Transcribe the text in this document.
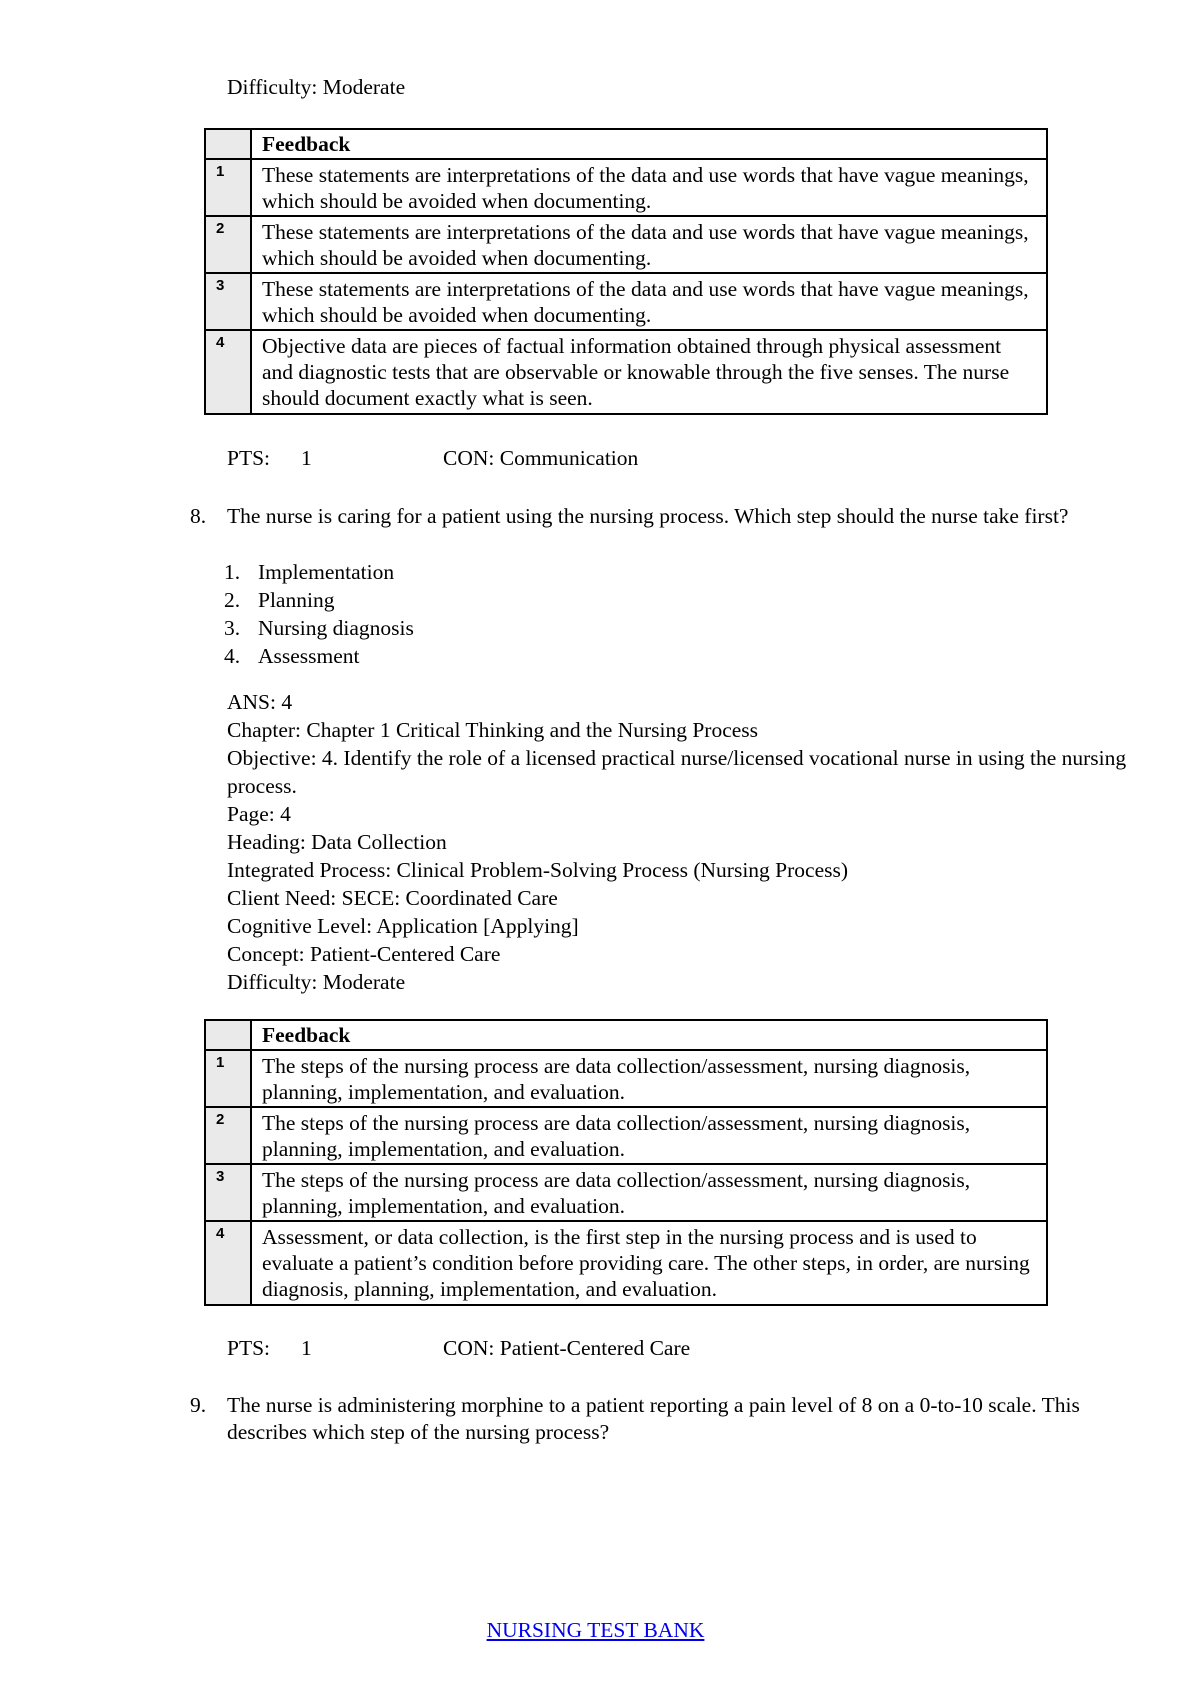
Difficulty: Moderate
	Feedback
1	These statements are interpretations of the data and use words that have vague meanings, which should be avoided when documenting.
2	These statements are interpretations of the data and use words that have vague meanings, which should be avoided when documenting.
3	These statements are interpretations of the data and use words that have vague meanings, which should be avoided when documenting.
4	Objective data are pieces of factual information obtained through physical assessment and diagnostic tests that are observable or knowable through the five senses. The nurse should document exactly what is seen.
PTS: 1	CON: Communication
8. The nurse is caring for a patient using the nursing process. Which step should the nurse take first?
1. Implementation
2. Planning
3. Nursing diagnosis
4. Assessment
ANS: 4
Chapter: Chapter 1 Critical Thinking and the Nursing Process
Objective: 4. Identify the role of a licensed practical nurse/licensed vocational nurse in using the nursing process.
Page: 4
Heading: Data Collection
Integrated Process: Clinical Problem-Solving Process (Nursing Process)
Client Need: SECE: Coordinated Care
Cognitive Level: Application [Applying]
Concept: Patient-Centered Care
Difficulty: Moderate
	Feedback
1	The steps of the nursing process are data collection/assessment, nursing diagnosis, planning, implementation, and evaluation.
2	The steps of the nursing process are data collection/assessment, nursing diagnosis, planning, implementation, and evaluation.
3	The steps of the nursing process are data collection/assessment, nursing diagnosis, planning, implementation, and evaluation.
4	Assessment, or data collection, is the first step in the nursing process and is used to evaluate a patient’s condition before providing care. The other steps, in order, are nursing diagnosis, planning, implementation, and evaluation.
PTS: 1	CON: Patient-Centered Care
9. The nurse is administering morphine to a patient reporting a pain level of 8 on a 0-to-10 scale. This describes which step of the nursing process?
NURSING TEST BANK
